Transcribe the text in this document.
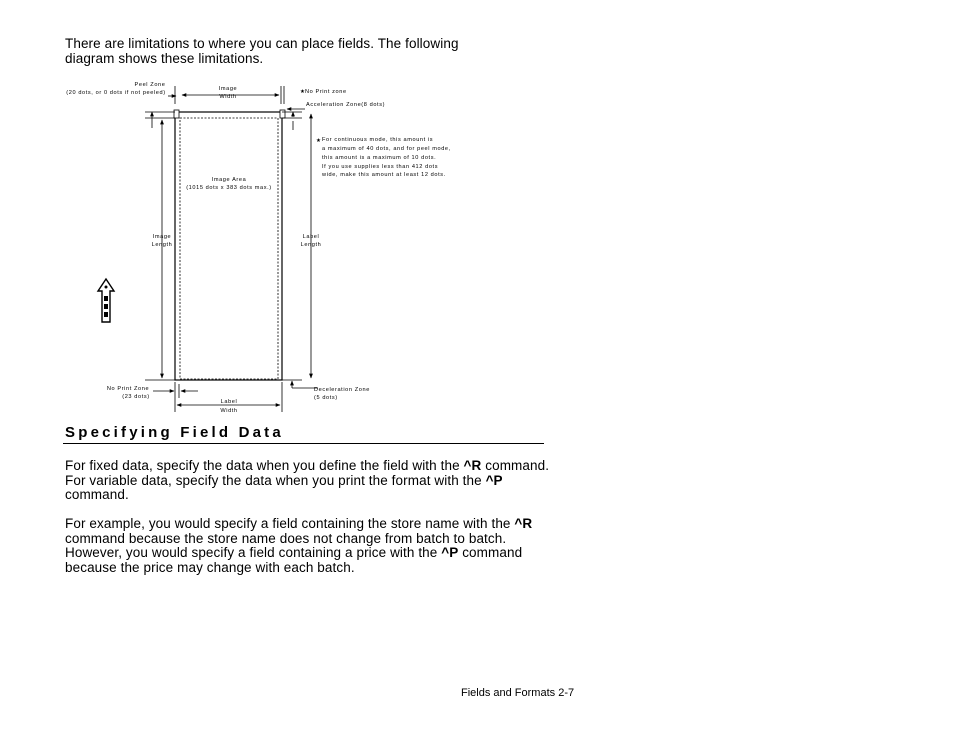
There are limitations to where you can place fields. The following
diagram shows these limitations.

Peel Zone
(20 dots, or 0 dots if not peeled)
Image
Width
★ No Print zone
Acceleration Zone(8 dots)
★ For continuous mode, this amount is
a maximum of 40 dots, and for peel mode,
this amount is a maximum of 10 dots.
If you use supplies less than 412 dots
wide, make this amount at least 12 dots.
Image Area
(1015 dots x 383 dots max.)
Image
Length
Label
Length
No Print Zone
(23 dots)
Deceleration Zone
(5 dots)
Label
Width
Specifying Field Data

For fixed data, specify the data when you define the field with the ^R command. For variable data, specify the data when you print the format with the ^P command.

For example, you would specify a field containing the store name with the ^R command because the store name does not change from batch to batch. However, you would specify a field containing a price with the ^P command because the price may change with each batch.

Fields and Formats 2-7
